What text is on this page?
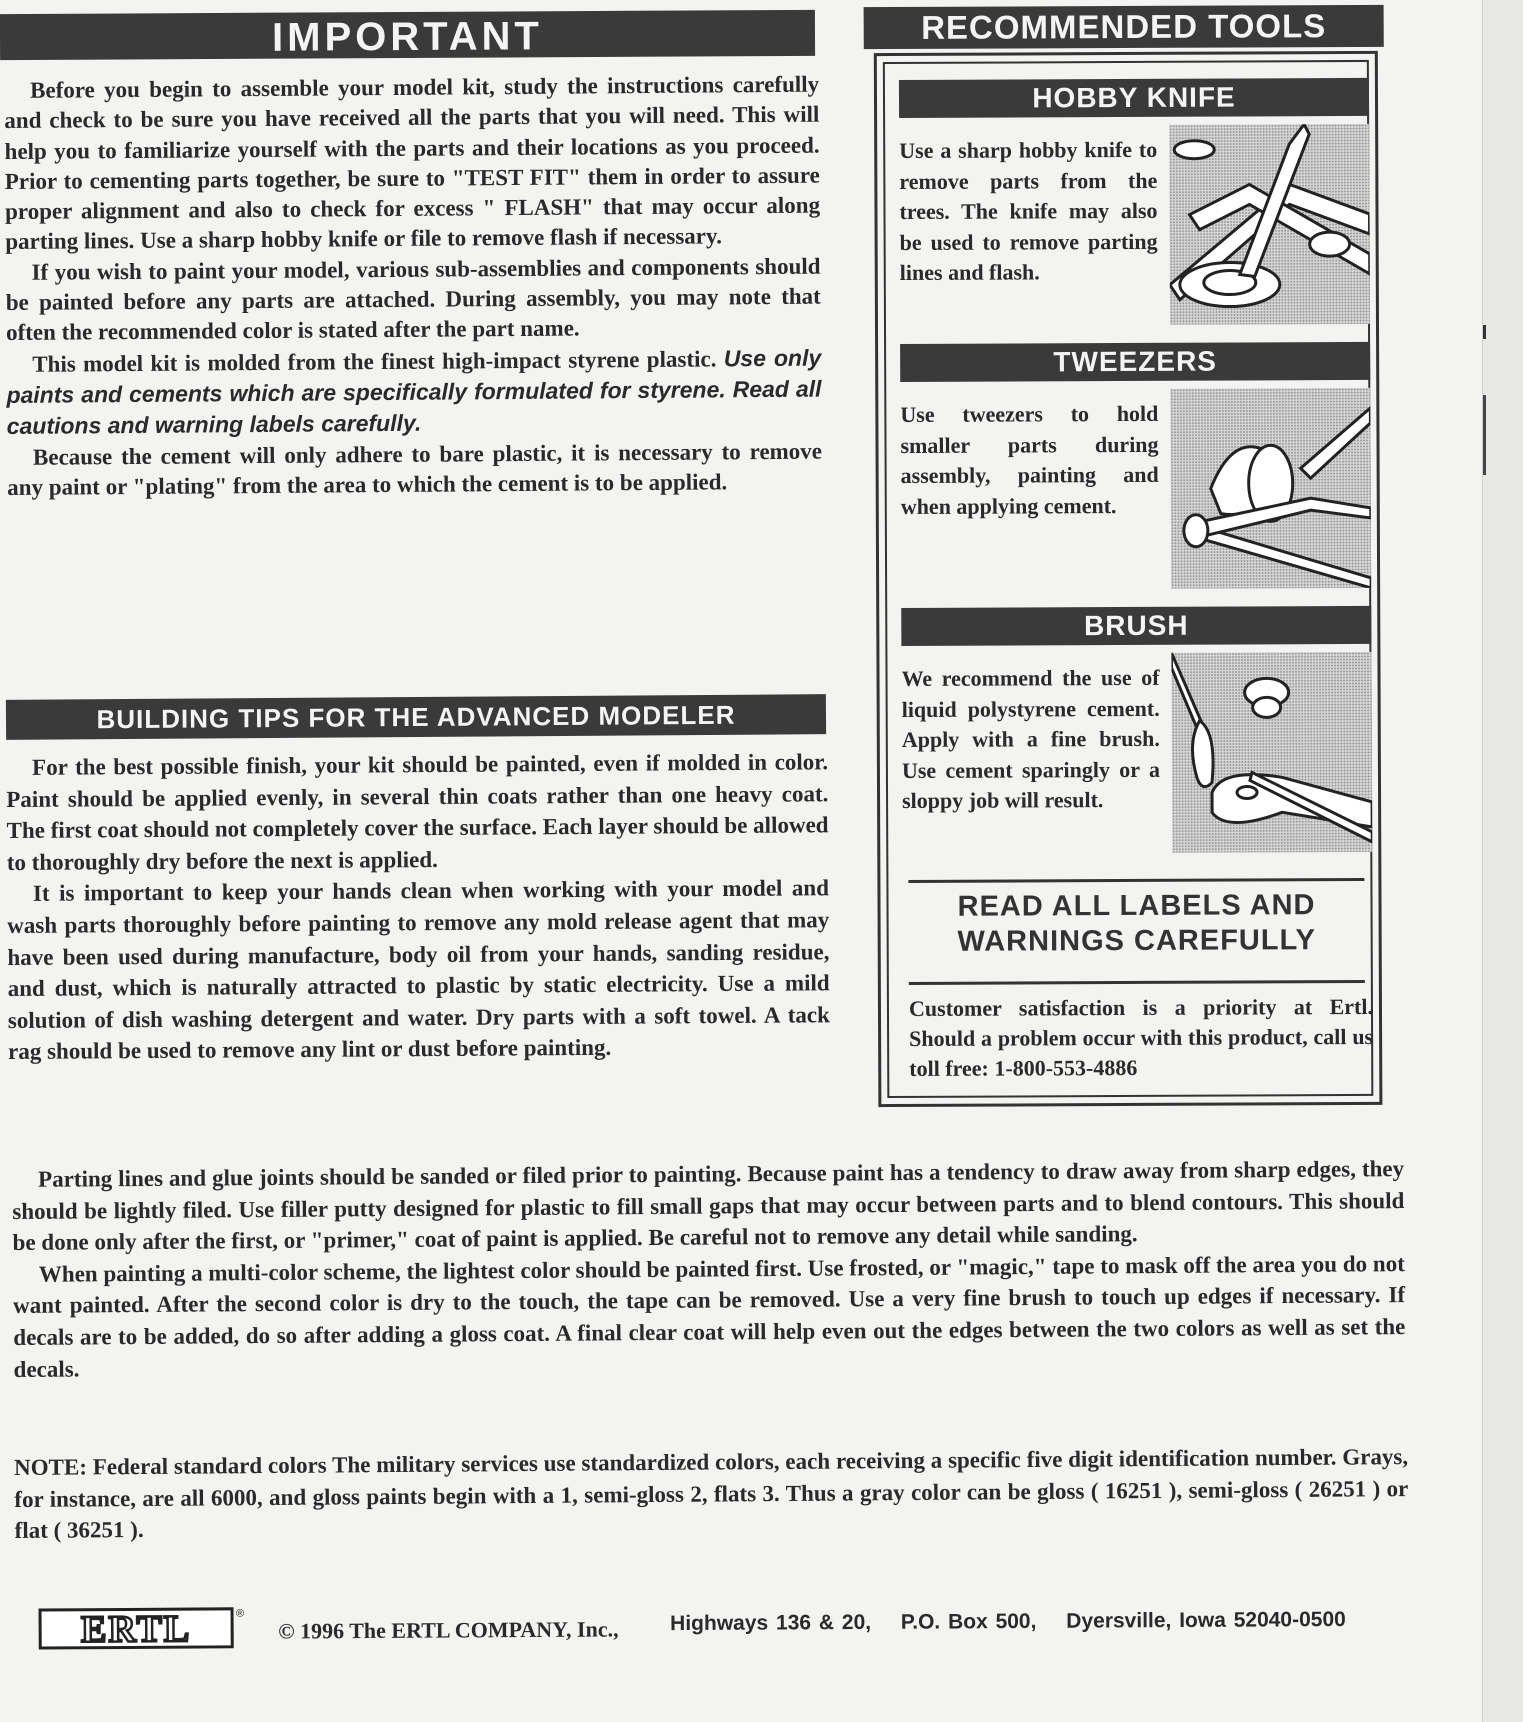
IMPORTANT

Before you begin to assemble your model kit, study the instructions carefully and check to be sure you have received all the parts that you will need. This will help you to familiarize yourself with the parts and their locations as you proceed. Prior to cementing parts together, be sure to "TEST FIT" them in order to assure proper alignment and also to check for excess " FLASH" that may occur along parting lines. Use a sharp hobby knife or file to remove flash if necessary.

If you wish to paint your model, various sub-assemblies and components should be painted before any parts are attached. During assembly, you may note that often the recommended color is stated after the part name.

This model kit is molded from the finest high-impact styrene plastic. Use only paints and cements which are specifically formulated for styrene. Read all cautions and warning labels carefully.

Because the cement will only adhere to bare plastic, it is necessary to remove any paint or "plating" from the area to which the cement is to be applied.

BUILDING TIPS FOR THE ADVANCED MODELER

For the best possible finish, your kit should be painted, even if molded in color. Paint should be applied evenly, in several thin coats rather than one heavy coat. The first coat should not completely cover the surface. Each layer should be allowed to thoroughly dry before the next is applied.

It is important to keep your hands clean when working with your model and wash parts thoroughly before painting to remove any mold release agent that may have been used during manufacture, body oil from your hands, sanding residue, and dust, which is naturally attracted to plastic by static electricity. Use a mild solution of dish washing detergent and water. Dry parts with a soft towel. A tack rag should be used to remove any lint or dust before painting.

Parting lines and glue joints should be sanded or filed prior to painting. Because paint has a tendency to draw away from sharp edges, they should be lightly filed. Use filler putty designed for plastic to fill small gaps that may occur between parts and to blend contours. This should be done only after the first, or "primer," coat of paint is applied. Be careful not to remove any detail while sanding.

When painting a multi-color scheme, the lightest color should be painted first. Use frosted, or "magic," tape to mask off the area you do not want painted. After the second color is dry to the touch, the tape can be removed. Use a very fine brush to touch up edges if necessary. If decals are to be added, do so after adding a gloss coat. A final clear coat will help even out the edges between the two colors as well as set the decals.

NOTE: Federal standard colors The military services use standardized colors, each receiving a specific five digit identification number. Grays, for instance, are all 6000, and gloss paints begin with a 1, semi-gloss 2, flats 3. Thus a gray color can be gloss ( 16251 ), semi-gloss ( 26251 ) or flat ( 36251 ).
RECOMMENDED TOOLS
HOBBY KNIFE
Use a sharp hobby knife to remove parts from the trees. The knife may also be used to remove parting lines and flash.
TWEEZERS
Use tweezers to hold smaller parts during assembly, painting and when applying cement.
BRUSH
We recommend the use of liquid polystyrene cement. Apply with a fine brush. Use cement sparingly or a sloppy job will result.
READ ALL LABELS AND WARNINGS CAREFULLY
Customer satisfaction is a priority at Ertl. Should a problem occur with this product, call us toll free: 1-800-553-4886
ERTL	®
© 1996 The ERTL COMPANY, Inc., Highways 136 & 20, P.O. Box 500, Dyersville, Iowa 52040-0500
